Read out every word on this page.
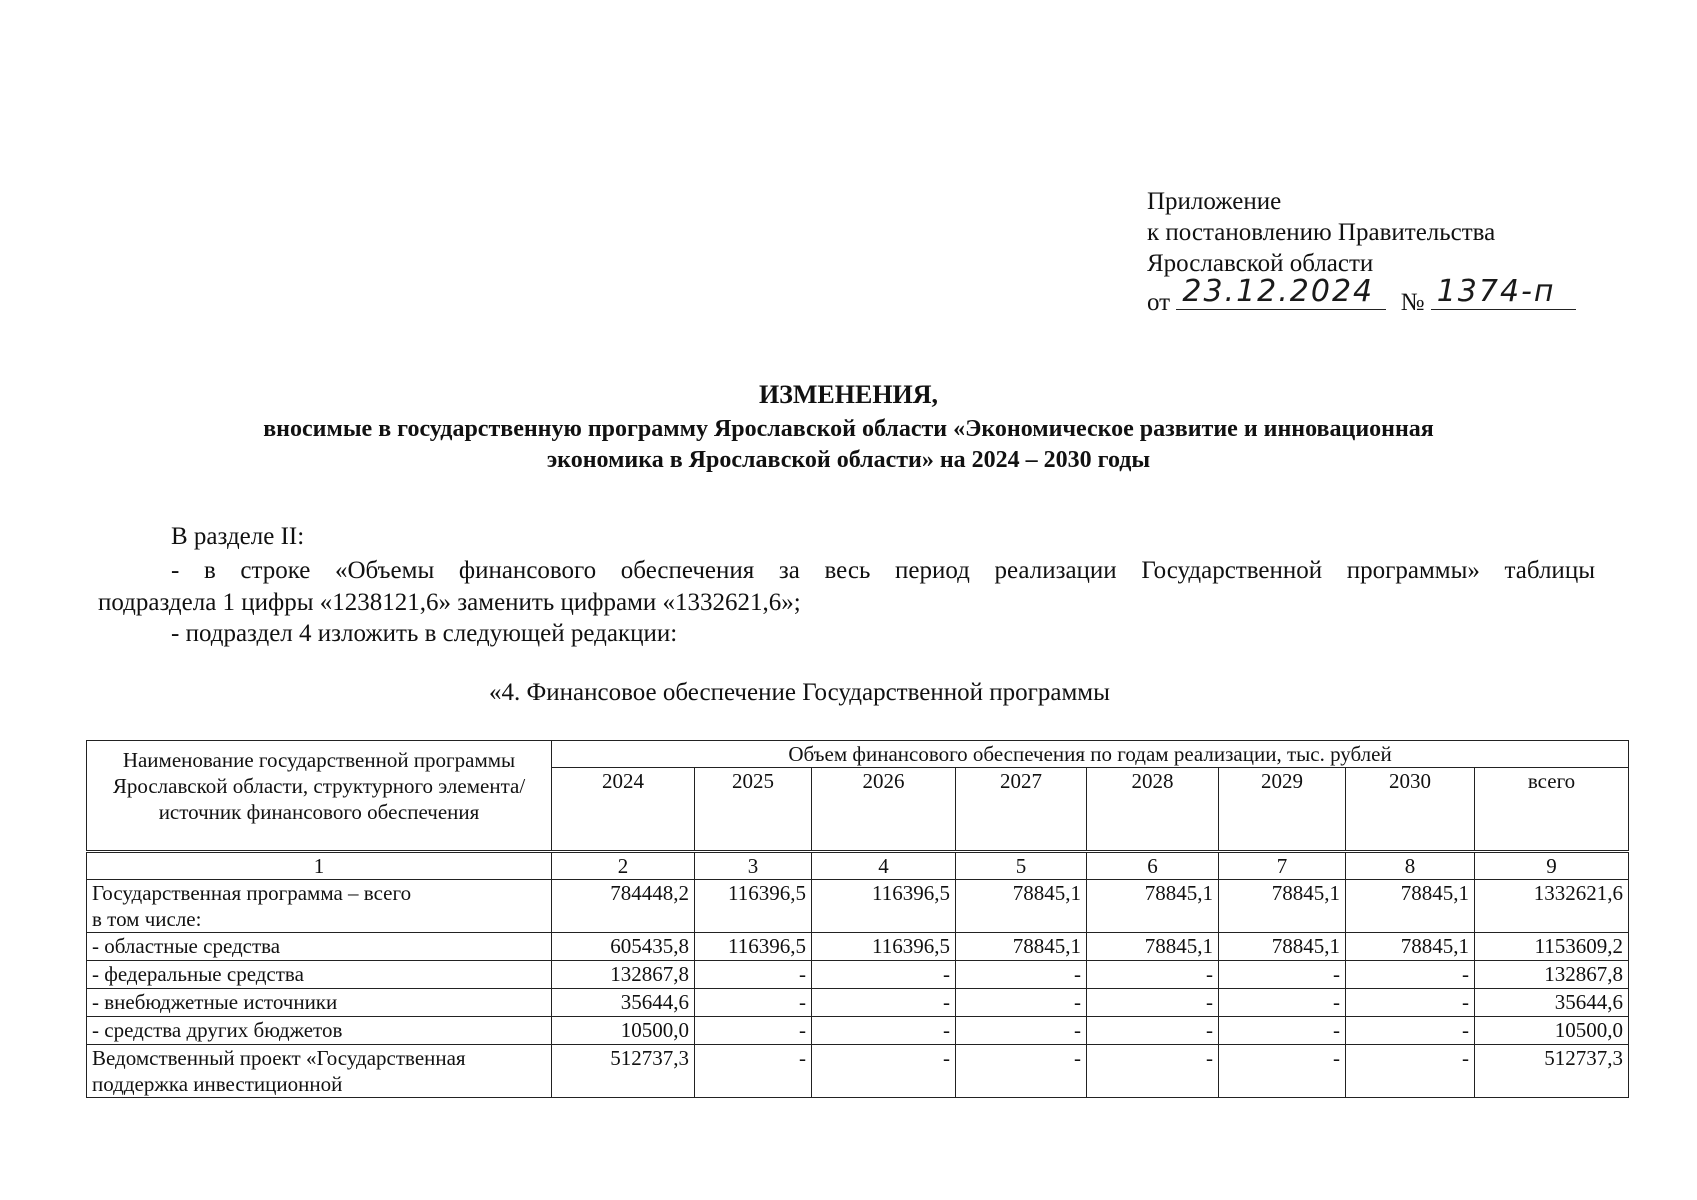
Приложение
к постановлению Правительства
Ярославской области
от 23.12.2024 № 1374-п
ИЗМЕНЕНИЯ,
вносимые в государственную программу Ярославской области «Экономическое развитие и инновационная
экономика в Ярославской области» на 2024 – 2030 годы
В разделе II:
- в строке «Объемы финансового обеспечения за весь период реализации Государственной программы» таблицы
подраздела 1 цифры «1238121,6» заменить цифрами «1332621,6»;
- подраздел 4 изложить в следующей редакции:
«4. Финансовое обеспечение Государственной программы
Наименование государственной программы Ярославской области, структурного элемента/ источник финансового обеспечения	Объем финансового обеспечения по годам реализации, тыс. рублей							
	2024	2025	2026	2027	2028	2029	2030	всего
1	2	3	4	5	6	7	8	9

Государственная программа – всего
в том числе:	784448,2	116396,5	116396,5	78845,1	78845,1	78845,1	78845,1	1332621,6
- областные средства	605435,8	116396,5	116396,5	78845,1	78845,1	78845,1	78845,1	1153609,2
- федеральные средства	132867,8	-	-	-	-	-	-	132867,8
- внебюджетные источники	35644,6	-	-	-	-	-	-	35644,6
- средства других бюджетов	10500,0	-	-	-	-	-	-	10500,0

Ведомственный проект «Государственная
поддержка инвестиционной	512737,3	-	-	-	-	-	-	512737,3
